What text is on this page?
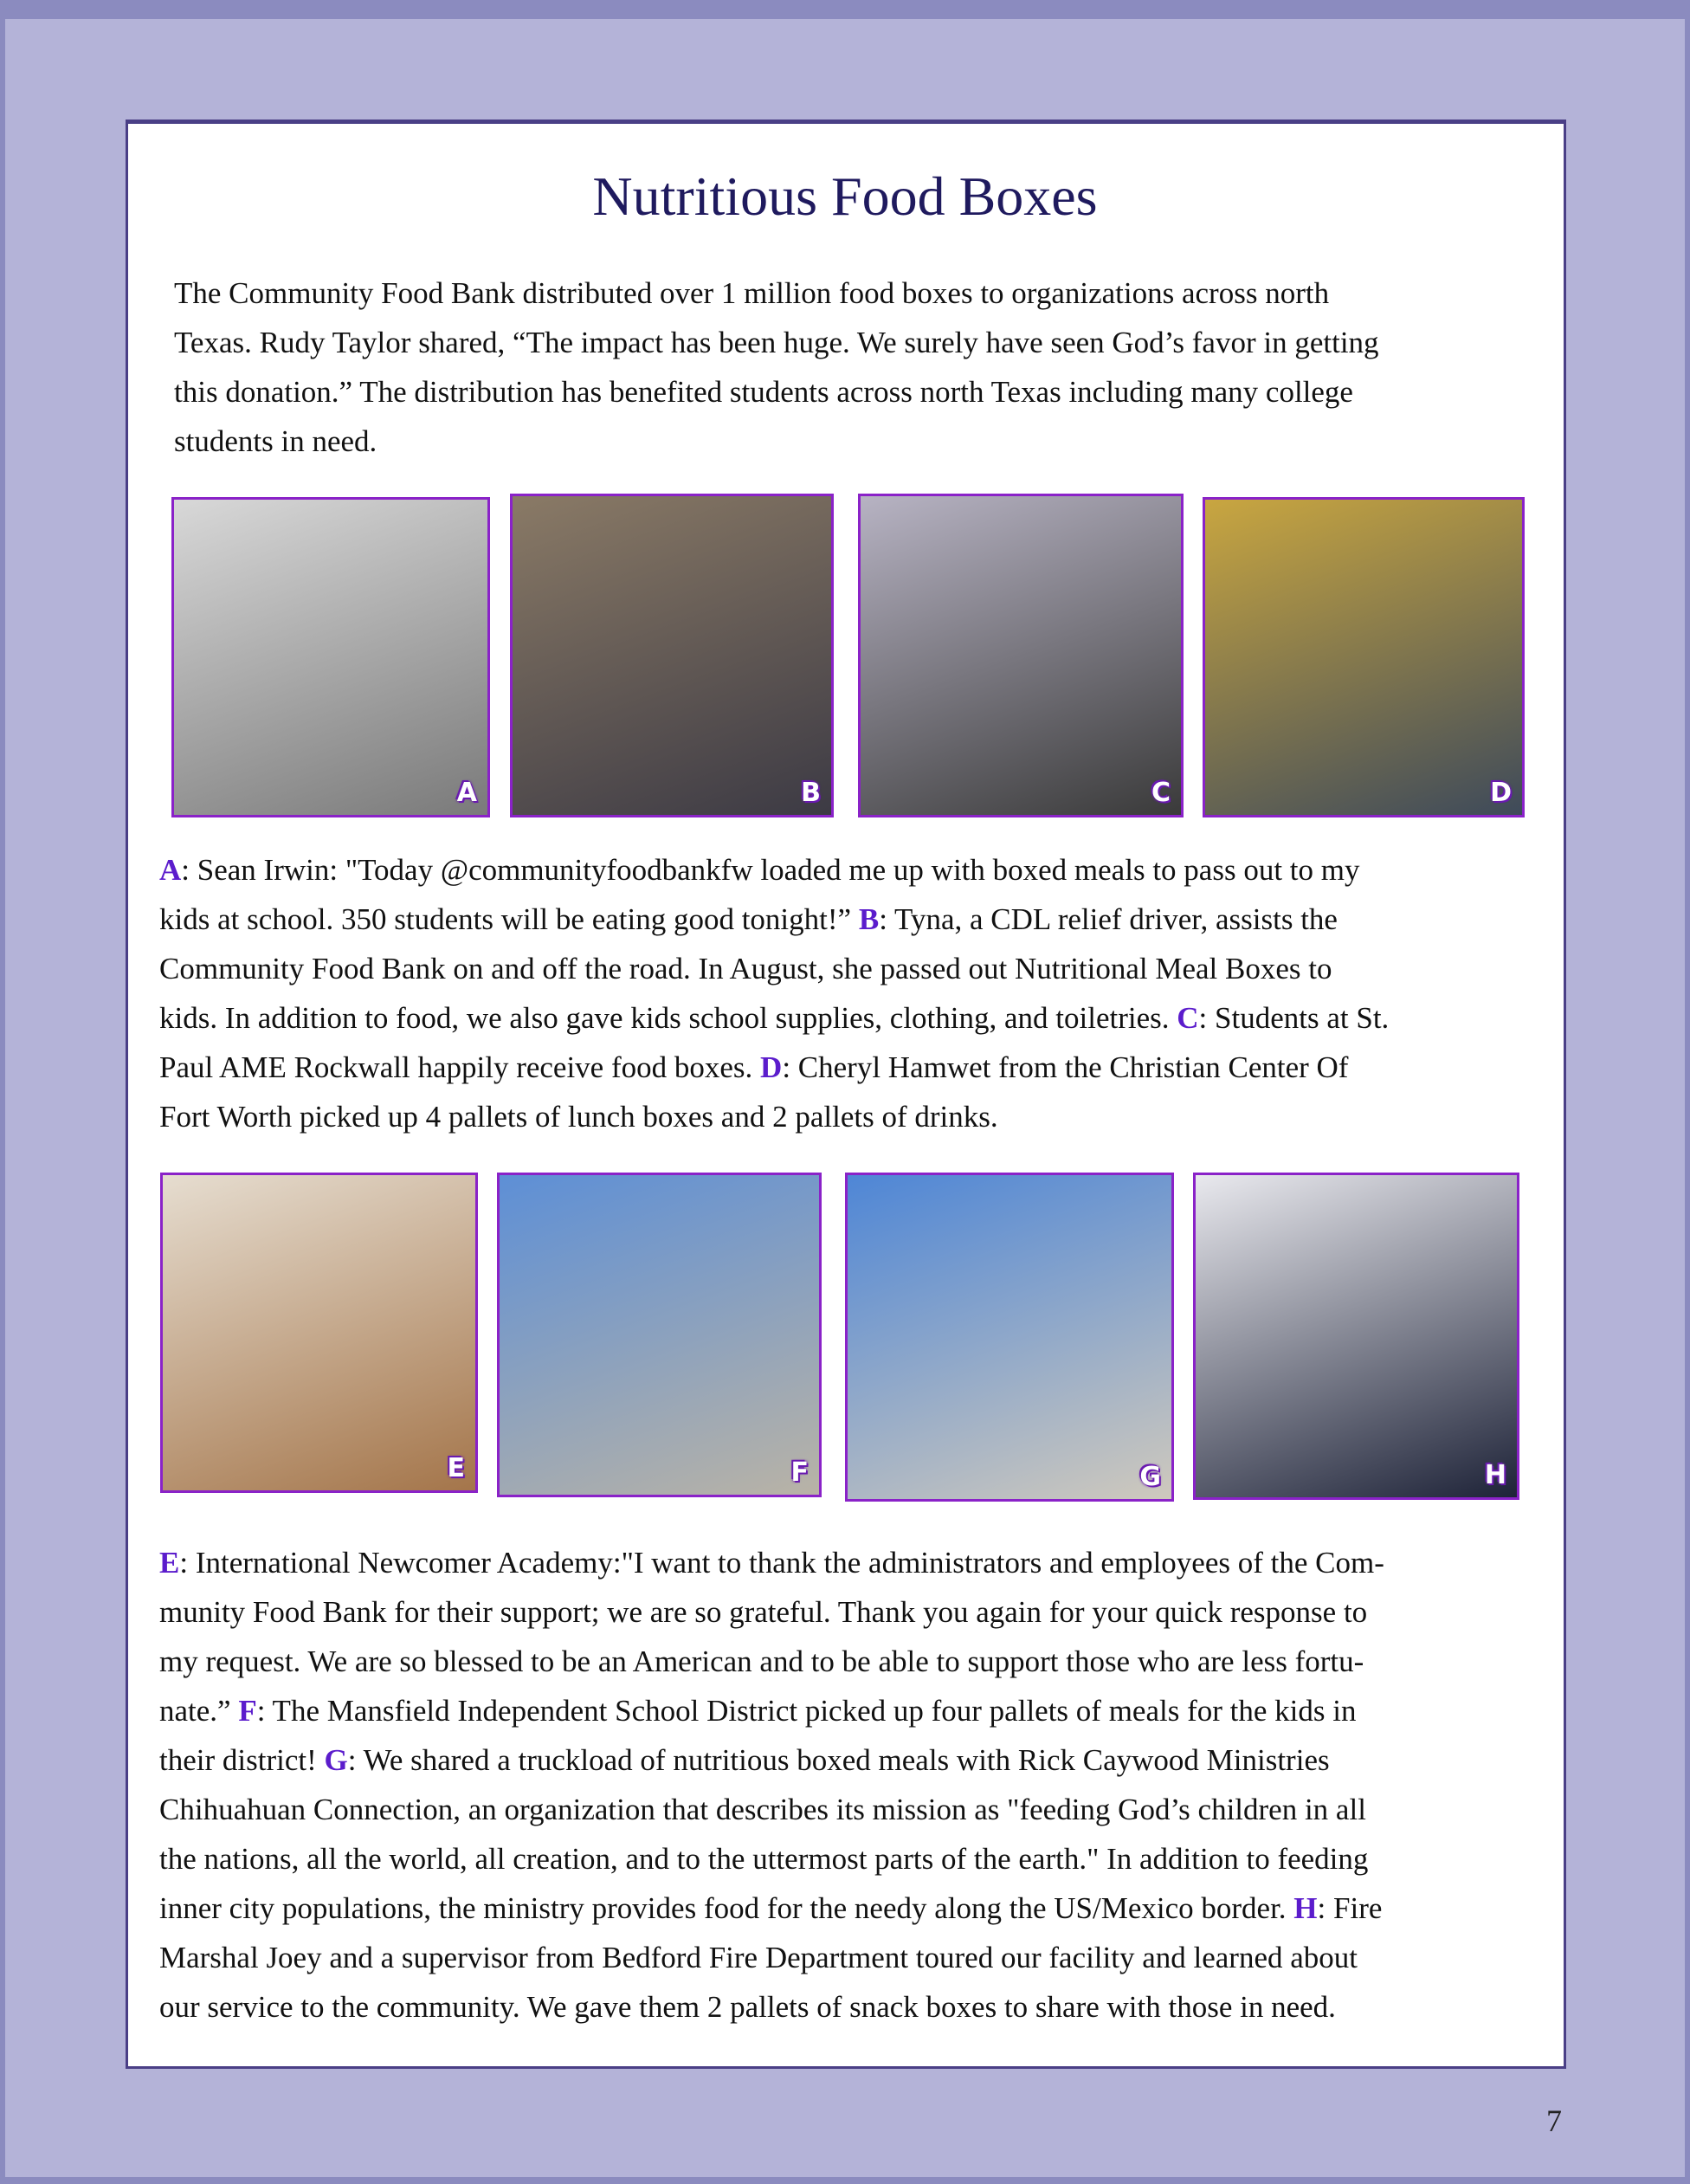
Nutritious Food Boxes

The Community Food Bank distributed over 1 million food boxes to organizations across north
Texas. Rudy Taylor shared, “The impact has been huge. We surely have seen God’s favor in getting
this donation.” The distribution has benefited students across north Texas including many college
students in need.

A	B	C	D

A: Sean Irwin: "Today @communityfoodbankfw loaded me up with boxed meals to pass out to my
kids at school. 350 students will be eating good tonight!” B: Tyna, a CDL relief driver, assists the
Community Food Bank on and off the road. In August, she passed out Nutritional Meal Boxes to
kids. In addition to food, we also gave kids school supplies, clothing, and toiletries. C: Students at St.
Paul AME Rockwall happily receive food boxes. D: Cheryl Hamwet from the Christian Center Of
Fort Worth picked up 4 pallets of lunch boxes and 2 pallets of drinks.

E	F	G	H

E: International Newcomer Academy:"I want to thank the administrators and employees of the Com-
munity Food Bank for their support; we are so grateful. Thank you again for your quick response to
my request. We are so blessed to be an American and to be able to support those who are less fortu-
nate.” F: The Mansfield Independent School District picked up four pallets of meals for the kids in
their district! G: We shared a truckload of nutritious boxed meals with Rick Caywood Ministries
Chihuahuan Connection, an organization that describes its mission as "feeding God’s children in all
the nations, all the world, all creation, and to the uttermost parts of the earth." In addition to feeding
inner city populations, the ministry provides food for the needy along the US/Mexico border. H: Fire
Marshal Joey and a supervisor from Bedford Fire Department toured our facility and learned about
our service to the community. We gave them 2 pallets of snack boxes to share with those in need.

7
